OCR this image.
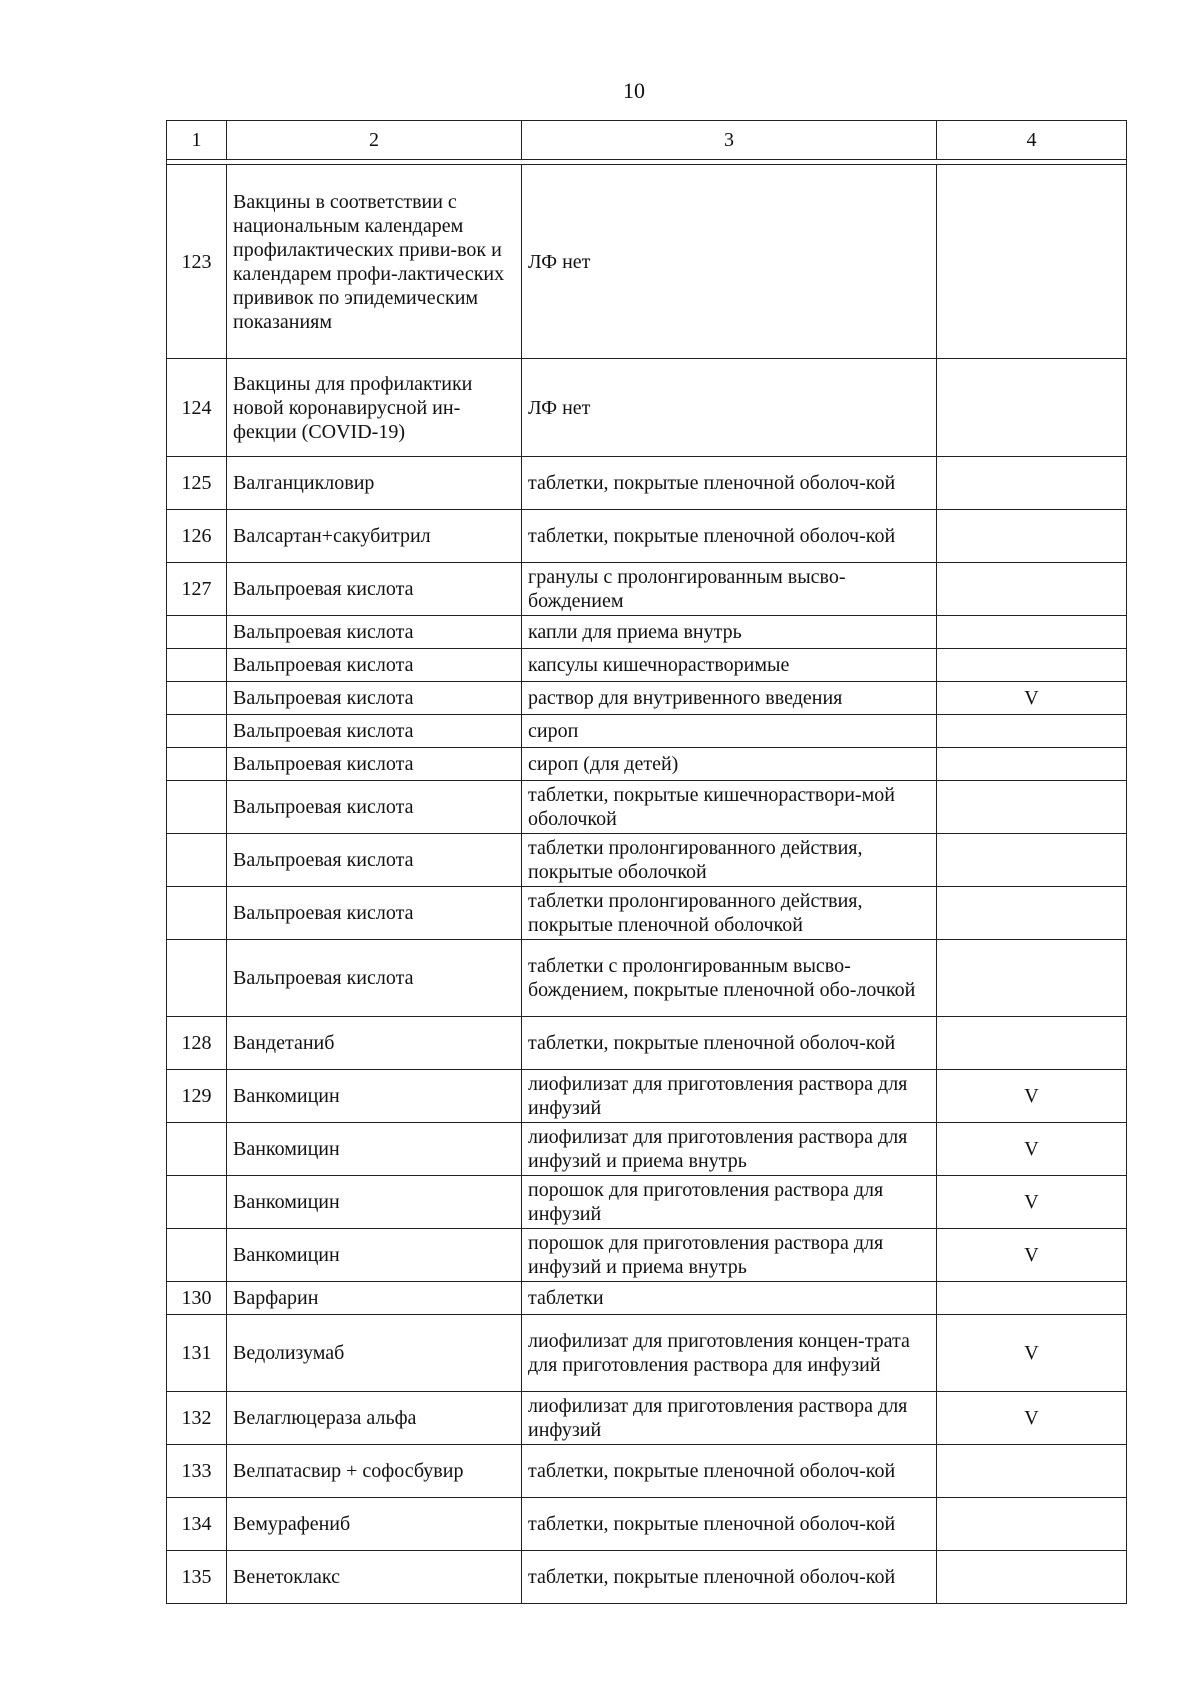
10
1	2	3	4

123	Вакцины в соответствии с национальным календарем профилактических приви-вок и календарем профи-лактических прививок по эпидемическим показаниям	ЛФ нет	
124	Вакцины для профилактики новой коронавирусной ин-фекции (COVID-19)	ЛФ нет	
125	Валганцикловир	таблетки, покрытые пленочной оболоч-кой	
126	Валсартан+сакубитрил	таблетки, покрытые пленочной оболоч-кой	
127	Вальпроевая кислота	гранулы с пролонгированным высво-бождением	
	Вальпроевая кислота	капли для приема внутрь	
	Вальпроевая кислота	капсулы кишечнорастворимые	
	Вальпроевая кислота	раствор для внутривенного введения	V
	Вальпроевая кислота	сироп	
	Вальпроевая кислота	сироп (для детей)	
	Вальпроевая кислота	таблетки, покрытые кишечнораствори-мой оболочкой	
	Вальпроевая кислота	таблетки пролонгированного действия, покрытые оболочкой	
	Вальпроевая кислота	таблетки пролонгированного действия, покрытые пленочной оболочкой	
	Вальпроевая кислота	таблетки с пролонгированным высво-бождением, покрытые пленочной обо-лочкой	
128	Вандетаниб	таблетки, покрытые пленочной оболоч-кой	
129	Ванкомицин	лиофилизат для приготовления раствора для инфузий	V
	Ванкомицин	лиофилизат для приготовления раствора для инфузий и приема внутрь	V
	Ванкомицин	порошок для приготовления раствора для инфузий	V
	Ванкомицин	порошок для приготовления раствора для инфузий и приема внутрь	V
130	Варфарин	таблетки	
131	Ведолизумаб	лиофилизат для приготовления концен-трата для приготовления раствора для инфузий	V
132	Велаглюцераза альфа	лиофилизат для приготовления раствора для инфузий	V
133	Велпатасвир + софосбувир	таблетки, покрытые пленочной оболоч-кой	
134	Вемурафениб	таблетки, покрытые пленочной оболоч-кой	
135	Венетоклакс	таблетки, покрытые пленочной оболоч-кой	
